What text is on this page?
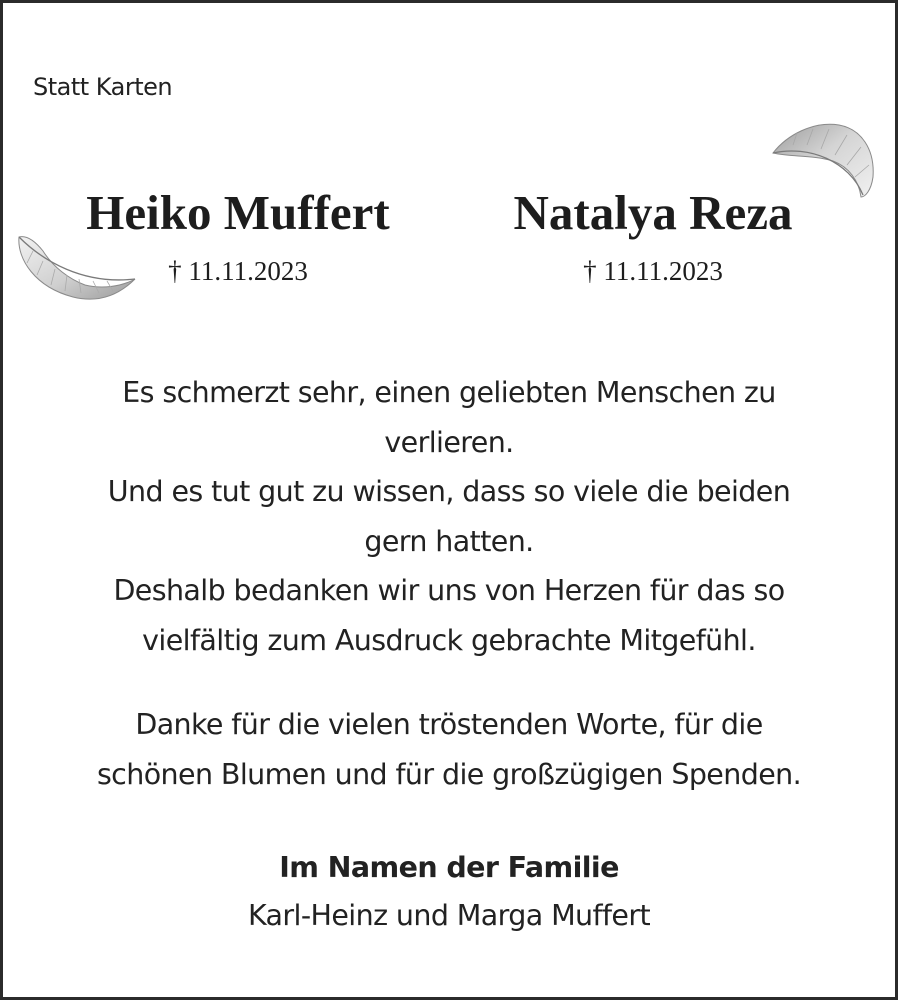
Statt Karten
Heiko Muffert
† 11.11.2023
Natalya Reza
† 11.11.2023

Es schmerzt sehr, einen geliebten Menschen zu

verlieren.

Und es tut gut zu wissen, dass so viele die beiden

gern hatten.

Deshalb bedanken wir uns von Herzen für das so

vielfältig zum Ausdruck gebrachte Mitgefühl.

Danke für die vielen tröstenden Worte, für die

schönen Blumen und für die großzügigen Spenden.

Im Namen der Familie
Karl-Heinz und Marga Muffert
